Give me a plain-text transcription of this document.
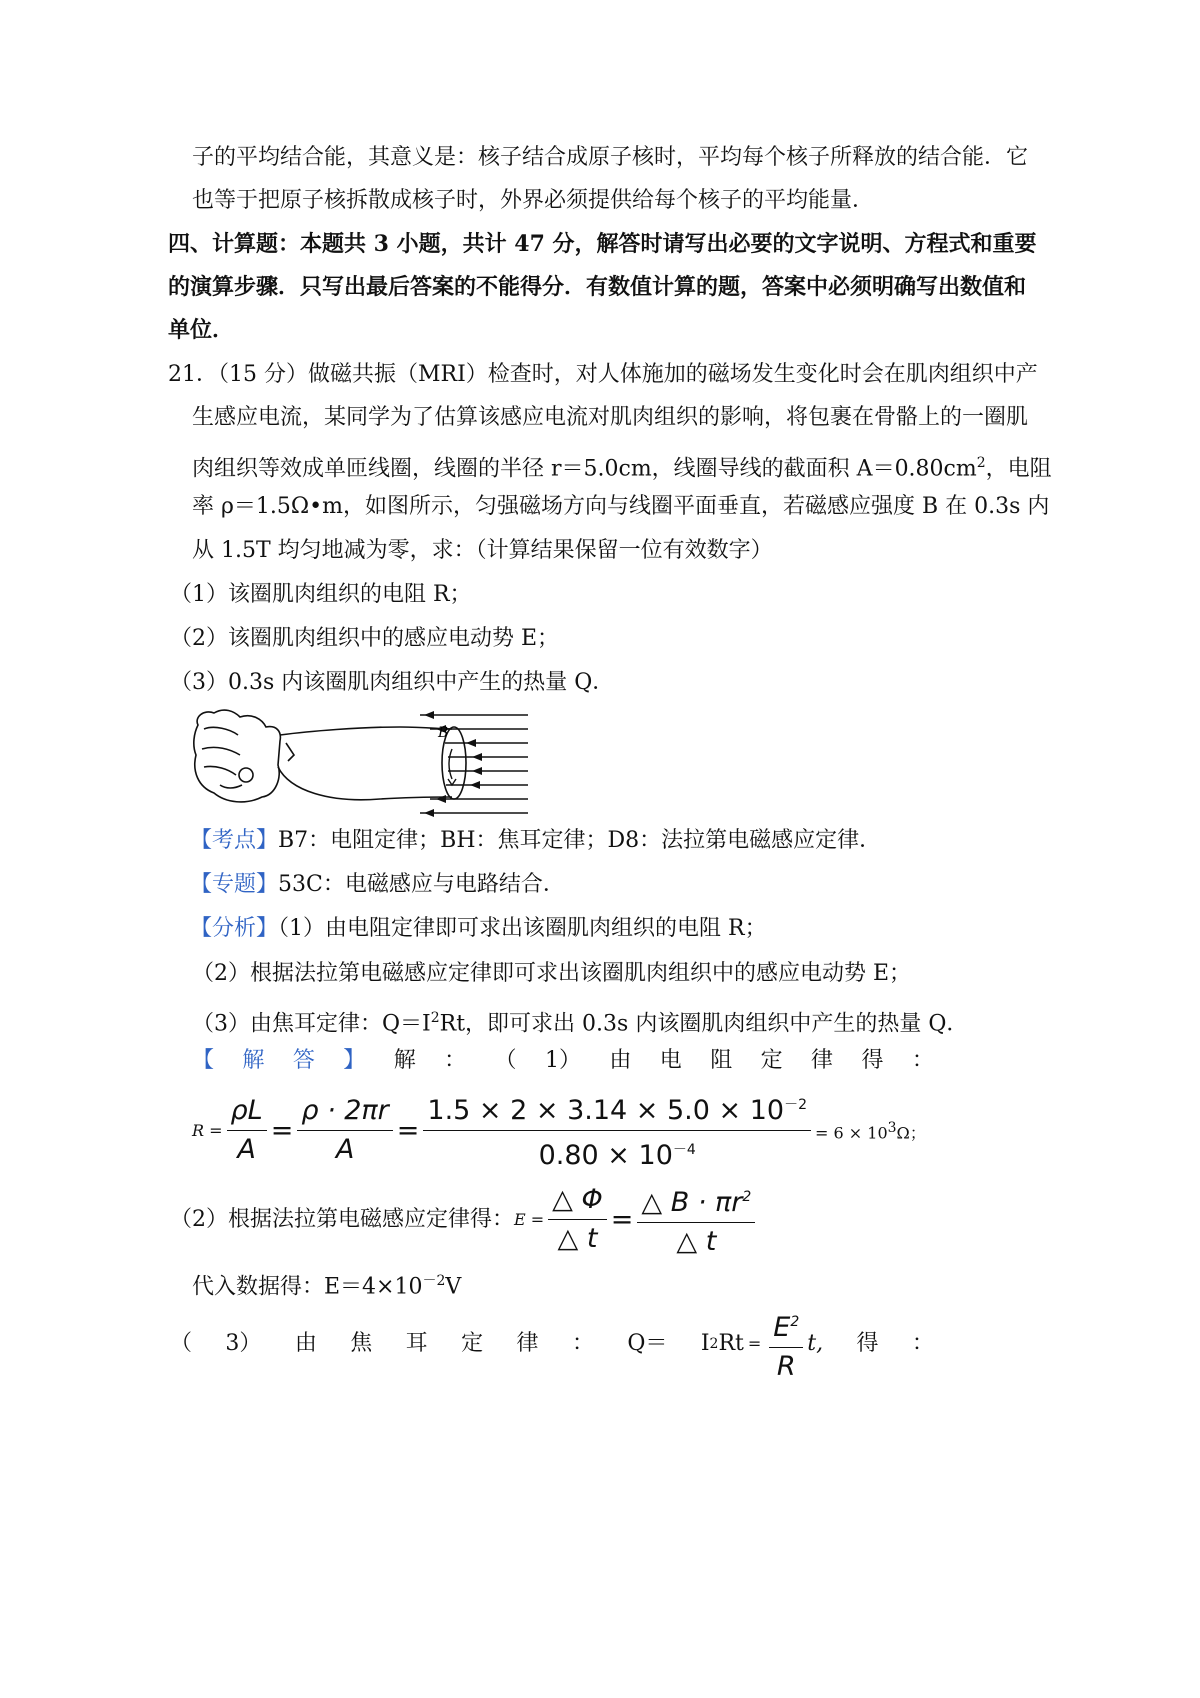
子的平均结合能，其意义是：核子结合成原子核时，平均每个核子所释放的结合能．它
也等于把原子核拆散成核子时，外界必须提供给每个核子的平均能量．
四、计算题：本题共 3 小题，共计 47 分，解答时请写出必要的文字说明、方程式和重要
的演算步骤．只写出最后答案的不能得分．有数值计算的题，答案中必须明确写出数值和
单位．
21．（15 分）做磁共振（MRI）检查时，对人体施加的磁场发生变化时会在肌肉组织中产
生感应电流，某同学为了估算该感应电流对肌肉组织的影响，将包裹在骨骼上的一圈肌
肉组织等效成单匝线圈，线圈的半径 r＝5.0cm，线圈导线的截面积 $A=0.80cm^2$，电阻
率 ρ＝1.5Ω•m，如图所示，匀强磁场方向与线圈平面垂直，若磁感应强度 B 在 0.3s 内
从 1.5T 均匀地减为零，求：（计算结果保留一位有效数字）
（1）该圈肌肉组织的电阻 R；
（2）该圈肌肉组织中的感应电动势 E；
（3）0.3s 内该圈肌肉组织中产生的热量 Q．
B
【考点】B7：电阻定律；BH：焦耳定律；D8：法拉第电磁感应定律．
【专题】53C：电磁感应与电路结合．
【分析】（1）由电阻定律即可求出该圈肌肉组织的电阻 R；
（2）根据法拉第电磁感应定律即可求出该圈肌肉组织中的感应电动势 E；
（3）由焦耳定律：$Q=I^2Rt$，即可求出 0.3s 内该圈肌肉组织中产生的热量 Q．
【 解 答 】 解 ： （ 1） 由 电 阻 定 律 得 ：
$R = \frac{\rho L}{A} = \frac{\rho \cdot 2\pi r}{A} = \frac{1.5 \times 2 \times 3.14 \times 5.0 \times 10^{-2}}{0.80 \times 10^{-4}} = 6 \times 10^3\Omega$；
（2）根据法拉第电磁感应定律得： $E = \frac{\triangle \Phi}{\triangle t} = \frac{\triangle B \cdot \pi r^2}{\triangle t}$
代入数据得：$E=4\times 10^{-2}V$
（ 3） 由 焦 耳 定 律 ： Q＝ I 2 $Rt = \frac{E^2}{R} t$, 得 ：
